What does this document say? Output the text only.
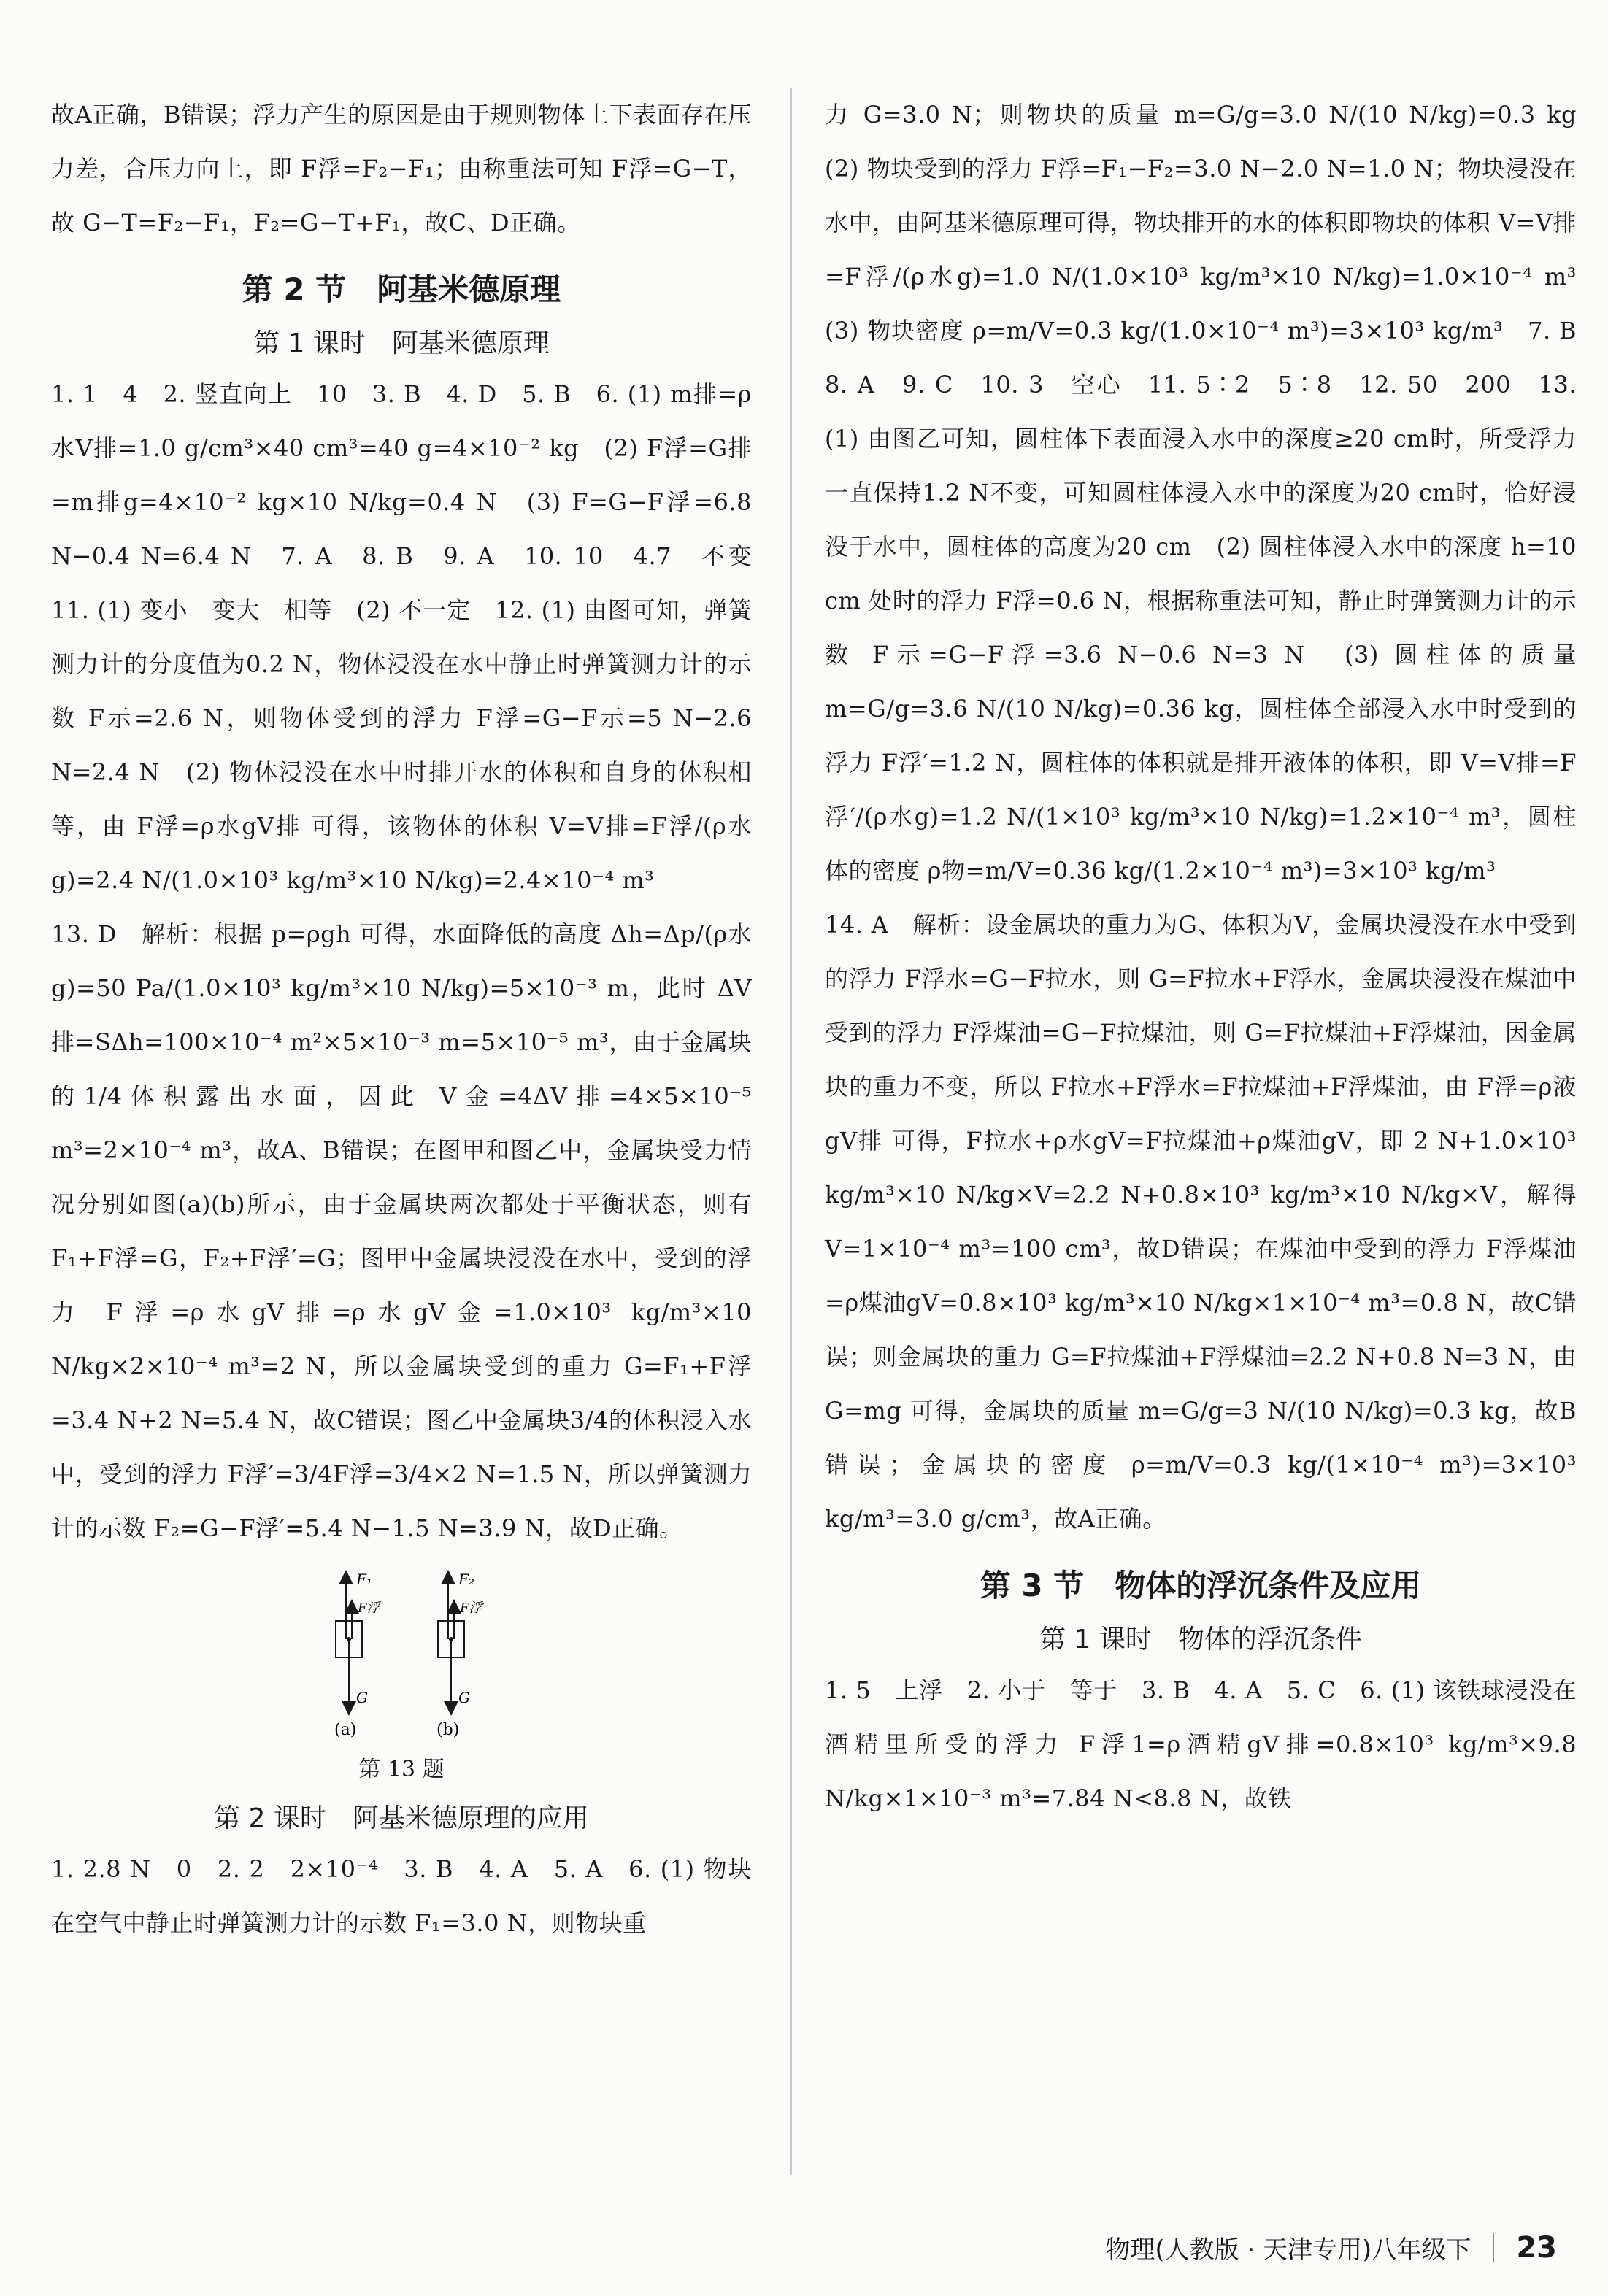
故A正确，B错误；浮力产生的原因是由于规则物体上下表面存在压力差，合压力向上，即 F浮=F₂−F₁；由称重法可知 F浮=G−T，故 G−T=F₂−F₁，F₂=G−T+F₁，故C、D正确。

第 2 节　阿基米德原理
第 1 课时　阿基米德原理

1. 1　4　2. 竖直向上　10　3. B　4. D　5. B　6. (1) m排=ρ水V排=1.0 g/cm³×40 cm³=40 g=4×10⁻² kg　(2) F浮=G排=m排g=4×10⁻² kg×10 N/kg=0.4 N　(3) F=G−F浮=6.8 N−0.4 N=6.4 N　7. A　8. B　9. A　10. 10　4.7　不变　11. (1) 变小　变大　相等　(2) 不一定　12. (1) 由图可知，弹簧测力计的分度值为0.2 N，物体浸没在水中静止时弹簧测力计的示数 F示=2.6 N，则物体受到的浮力 F浮=G−F示=5 N−2.6 N=2.4 N　(2) 物体浸没在水中时排开水的体积和自身的体积相等，由 F浮=ρ水gV排 可得，该物体的体积 V=V排=F浮/(ρ水g)=2.4 N/(1.0×10³ kg/m³×10 N/kg)=2.4×10⁻⁴ m³

13. D　解析：根据 p=ρgh 可得，水面降低的高度 Δh=Δp/(ρ水g)=50 Pa/(1.0×10³ kg/m³×10 N/kg)=5×10⁻³ m，此时 ΔV排=SΔh=100×10⁻⁴ m²×5×10⁻³ m=5×10⁻⁵ m³，由于金属块的1/4体积露出水面，因此 V金=4ΔV排=4×5×10⁻⁵ m³=2×10⁻⁴ m³，故A、B错误；在图甲和图乙中，金属块受力情况分别如图(a)(b)所示，由于金属块两次都处于平衡状态，则有 F₁+F浮=G，F₂+F浮′=G；图甲中金属块浸没在水中，受到的浮力 F浮=ρ水gV排=ρ水gV金=1.0×10³ kg/m³×10 N/kg×2×10⁻⁴ m³=2 N，所以金属块受到的重力 G=F₁+F浮=3.4 N+2 N=5.4 N，故C错误；图乙中金属块3/4的体积浸入水中，受到的浮力 F浮′=3/4F浮=3/4×2 N=1.5 N，所以弹簧测力计的示数 F₂=G−F浮′=5.4 N−1.5 N=3.9 N，故D正确。

F₁
F浮
G
(a)
F₂
F浮′
G
(b)
第 13 题
第 2 课时　阿基米德原理的应用

1. 2.8 N　0　2. 2　2×10⁻⁴　3. B　4. A　5. A　6. (1) 物块在空气中静止时弹簧测力计的示数 F₁=3.0 N，则物块重

力 G=3.0 N；则物块的质量 m=G/g=3.0 N/(10 N/kg)=0.3 kg　(2) 物块受到的浮力 F浮=F₁−F₂=3.0 N−2.0 N=1.0 N；物块浸没在水中，由阿基米德原理可得，物块排开的水的体积即物块的体积 V=V排=F浮/(ρ水g)=1.0 N/(1.0×10³ kg/m³×10 N/kg)=1.0×10⁻⁴ m³　(3) 物块密度 ρ=m/V=0.3 kg/(1.0×10⁻⁴ m³)=3×10³ kg/m³　7. B　8. A　9. C　10. 3　空心　11. 5∶2　5∶8　12. 50　200　13. (1) 由图乙可知，圆柱体下表面浸入水中的深度≥20 cm时，所受浮力一直保持1.2 N不变，可知圆柱体浸入水中的深度为20 cm时，恰好浸没于水中，圆柱体的高度为20 cm　(2) 圆柱体浸入水中的深度 h=10 cm 处时的浮力 F浮=0.6 N，根据称重法可知，静止时弹簧测力计的示数 F示=G−F浮=3.6 N−0.6 N=3 N　(3) 圆柱体的质量 m=G/g=3.6 N/(10 N/kg)=0.36 kg，圆柱体全部浸入水中时受到的浮力 F浮′=1.2 N，圆柱体的体积就是排开液体的体积，即 V=V排=F浮′/(ρ水g)=1.2 N/(1×10³ kg/m³×10 N/kg)=1.2×10⁻⁴ m³，圆柱体的密度 ρ物=m/V=0.36 kg/(1.2×10⁻⁴ m³)=3×10³ kg/m³

14. A　解析：设金属块的重力为G、体积为V，金属块浸没在水中受到的浮力 F浮水=G−F拉水，则 G=F拉水+F浮水，金属块浸没在煤油中受到的浮力 F浮煤油=G−F拉煤油，则 G=F拉煤油+F浮煤油，因金属块的重力不变，所以 F拉水+F浮水=F拉煤油+F浮煤油，由 F浮=ρ液gV排 可得，F拉水+ρ水gV=F拉煤油+ρ煤油gV，即 2 N+1.0×10³ kg/m³×10 N/kg×V=2.2 N+0.8×10³ kg/m³×10 N/kg×V，解得 V=1×10⁻⁴ m³=100 cm³，故D错误；在煤油中受到的浮力 F浮煤油=ρ煤油gV=0.8×10³ kg/m³×10 N/kg×1×10⁻⁴ m³=0.8 N，故C错误；则金属块的重力 G=F拉煤油+F浮煤油=2.2 N+0.8 N=3 N，由 G=mg 可得，金属块的质量 m=G/g=3 N/(10 N/kg)=0.3 kg，故B错误；金属块的密度 ρ=m/V=0.3 kg/(1×10⁻⁴ m³)=3×10³ kg/m³=3.0 g/cm³，故A正确。

第 3 节　物体的浮沉条件及应用
第 1 课时　物体的浮沉条件

1. 5　上浮　2. 小于　等于　3. B　4. A　5. C　6. (1) 该铁球浸没在酒精里所受的浮力 F浮1=ρ酒精gV排=0.8×10³ kg/m³×9.8 N/kg×1×10⁻³ m³=7.84 N<8.8 N，故铁

物理(人教版 · 天津专用)八年级下 23
